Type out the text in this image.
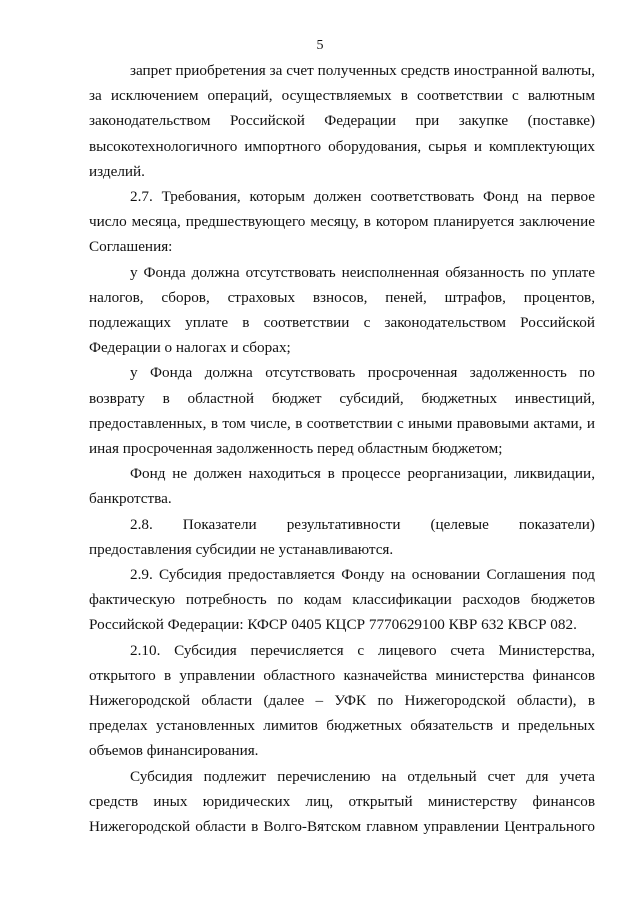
5

запрет приобретения за счет полученных средств иностранной валюты, за исключением операций, осуществляемых в соответствии с валютным законодательством Российской Федерации при закупке (поставке) высокотехнологичного импортного оборудования, сырья и комплектующих изделий.

2.7. Требования, которым должен соответствовать Фонд на первое число месяца, предшествующего месяцу, в котором планируется заключение Соглашения:

у Фонда должна отсутствовать неисполненная обязанность по уплате налогов, сборов, страховых взносов, пеней, штрафов, процентов, подлежащих уплате в соответствии с законодательством Российской Федерации о налогах и сборах;

у Фонда должна отсутствовать просроченная задолженность по возврату в областной бюджет субсидий, бюджетных инвестиций, предоставленных, в том числе, в соответствии с иными правовыми актами, и иная просроченная задолженность перед областным бюджетом;

Фонд не должен находиться в процессе реорганизации, ликвидации, банкротства.

2.8. Показатели результативности (целевые показатели) предоставления субсидии не устанавливаются.

2.9. Субсидия предоставляется Фонду на основании Соглашения под фактическую потребность по кодам классификации расходов бюджетов Российской Федерации: КФСР 0405 КЦСР 7770629100 КВР 632 КВСР 082.

2.10. Субсидия перечисляется с лицевого счета Министерства, открытого в управлении областного казначейства министерства финансов Нижегородской области (далее – УФК по Нижегородской области), в пределах установленных лимитов бюджетных обязательств и предельных объемов финансирования.

Субсидия подлежит перечислению на отдельный счет для учета средств иных юридических лиц, открытый министерству финансов Нижегородской области в Волго-Вятском главном управлении Центрального
